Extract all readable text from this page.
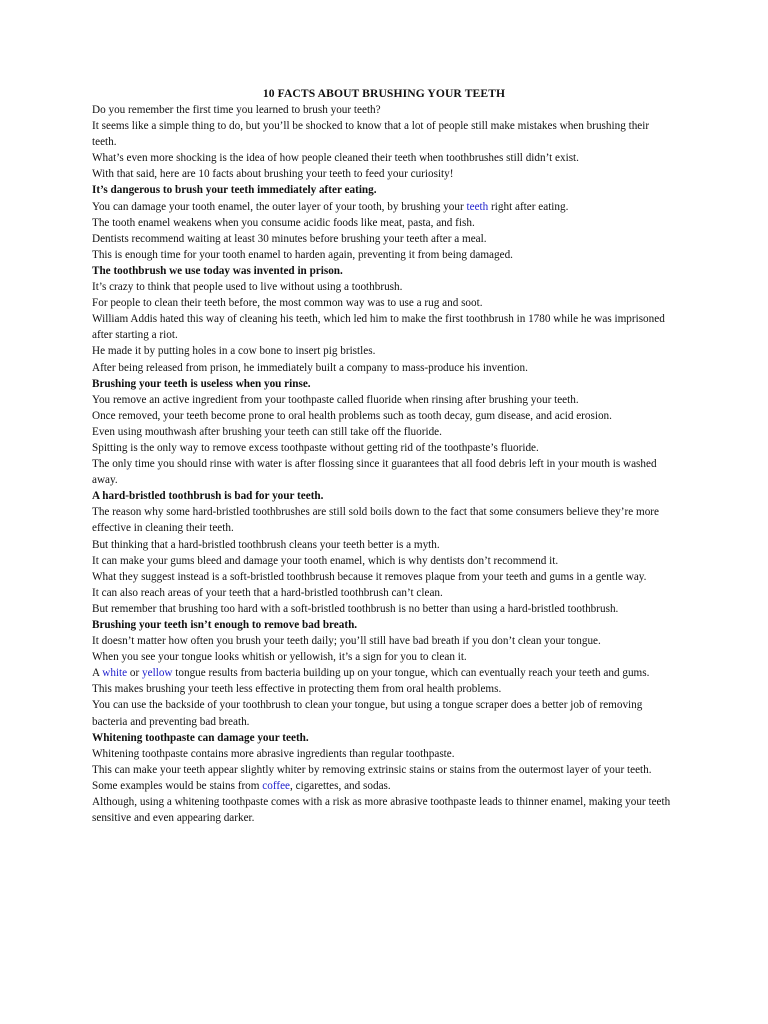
10 FACTS ABOUT BRUSHING YOUR TEETH

Do you remember the first time you learned to brush your teeth?

It seems like a simple thing to do, but you’ll be shocked to know that a lot of people still make mistakes when brushing their teeth.

What’s even more shocking is the idea of how people cleaned their teeth when toothbrushes still didn’t exist.

With that said, here are 10 facts about brushing your teeth to feed your curiosity!

It’s dangerous to brush your teeth immediately after eating.

You can damage your tooth enamel, the outer layer of your tooth, by brushing your teeth right after eating.

The tooth enamel weakens when you consume acidic foods like meat, pasta, and fish.

Dentists recommend waiting at least 30 minutes before brushing your teeth after a meal.

This is enough time for your tooth enamel to harden again, preventing it from being damaged.

The toothbrush we use today was invented in prison.

It’s crazy to think that people used to live without using a toothbrush.

For people to clean their teeth before, the most common way was to use a rug and soot.

William Addis hated this way of cleaning his teeth, which led him to make the first toothbrush in 1780 while he was imprisoned after starting a riot.

He made it by putting holes in a cow bone to insert pig bristles.

After being released from prison, he immediately built a company to mass-produce his invention.

Brushing your teeth is useless when you rinse.

You remove an active ingredient from your toothpaste called fluoride when rinsing after brushing your teeth.

Once removed, your teeth become prone to oral health problems such as tooth decay, gum disease, and acid erosion.

Even using mouthwash after brushing your teeth can still take off the fluoride.

Spitting is the only way to remove excess toothpaste without getting rid of the toothpaste’s fluoride.

The only time you should rinse with water is after flossing since it guarantees that all food debris left in your mouth is washed away.

A hard-bristled toothbrush is bad for your teeth.

The reason why some hard-bristled toothbrushes are still sold boils down to the fact that some consumers believe they’re more effective in cleaning their teeth.

But thinking that a hard-bristled toothbrush cleans your teeth better is a myth.

It can make your gums bleed and damage your tooth enamel, which is why dentists don’t recommend it.

What they suggest instead is a soft-bristled toothbrush because it removes plaque from your teeth and gums in a gentle way.

It can also reach areas of your teeth that a hard-bristled toothbrush can’t clean.

But remember that brushing too hard with a soft-bristled toothbrush is no better than using a hard-bristled toothbrush.

Brushing your teeth isn’t enough to remove bad breath.

It doesn’t matter how often you brush your teeth daily; you’ll still have bad breath if you don’t clean your tongue.

When you see your tongue looks whitish or yellowish, it’s a sign for you to clean it.

A white or yellow tongue results from bacteria building up on your tongue, which can eventually reach your teeth and gums.

This makes brushing your teeth less effective in protecting them from oral health problems.

You can use the backside of your toothbrush to clean your tongue, but using a tongue scraper does a better job of removing bacteria and preventing bad breath.

Whitening toothpaste can damage your teeth.

Whitening toothpaste contains more abrasive ingredients than regular toothpaste.

This can make your teeth appear slightly whiter by removing extrinsic stains or stains from the outermost layer of your teeth.

Some examples would be stains from coffee, cigarettes, and sodas.

Although, using a whitening toothpaste comes with a risk as more abrasive toothpaste leads to thinner enamel, making your teeth sensitive and even appearing darker.
